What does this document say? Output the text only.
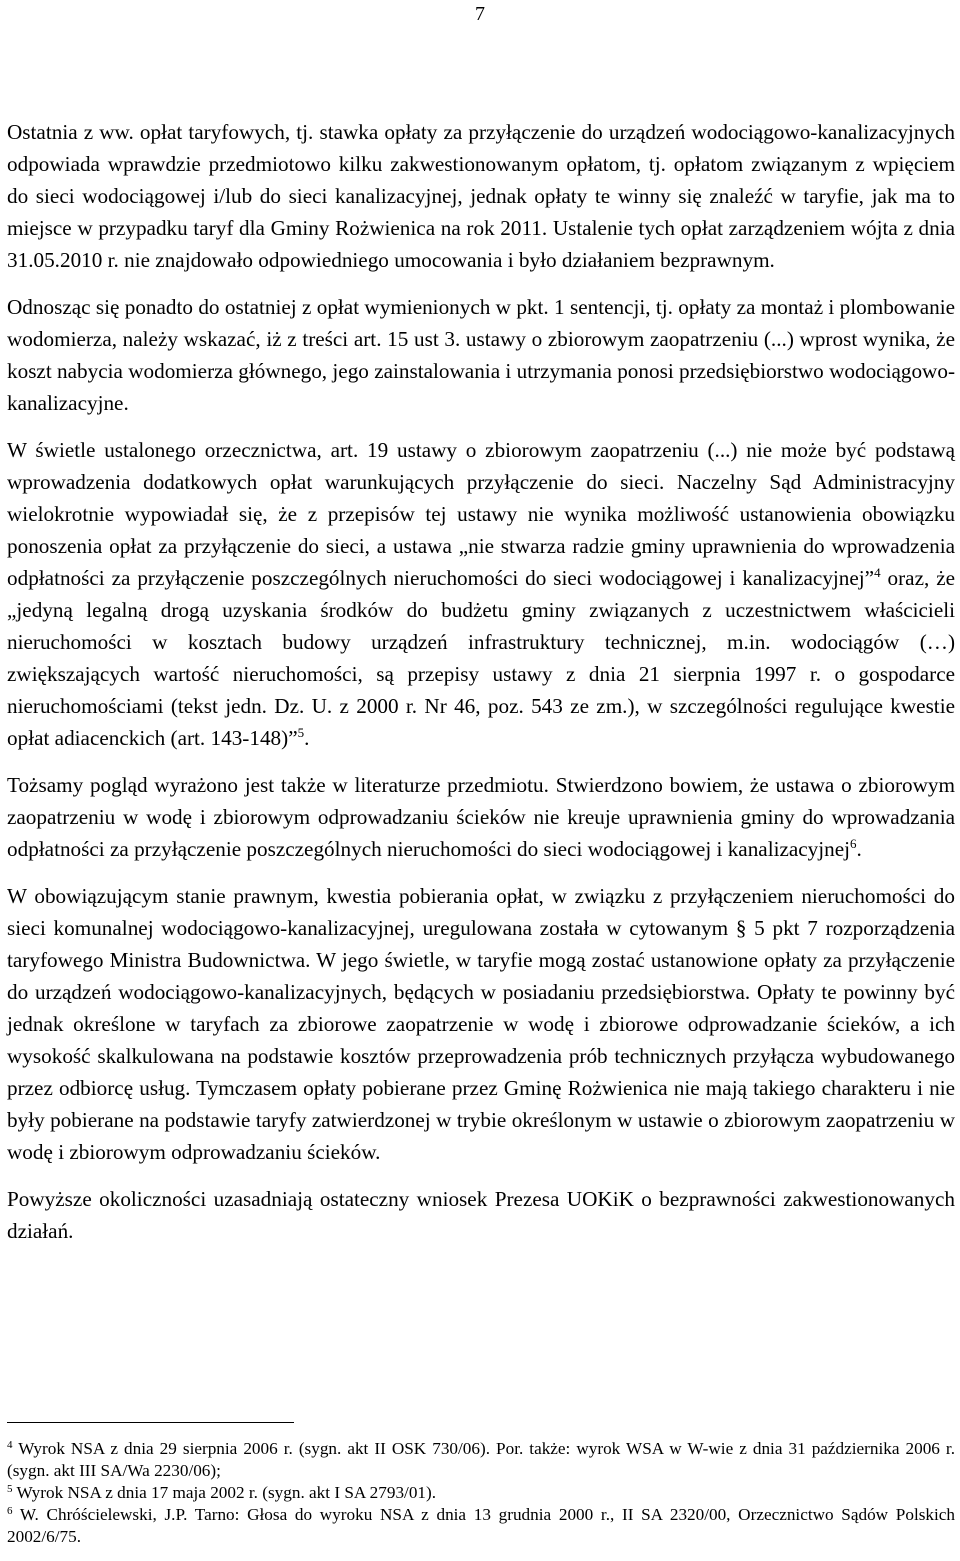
7

Ostatnia z ww. opłat taryfowych, tj. stawka opłaty za przyłączenie do urządzeń wodociągowo-kanalizacyjnych odpowiada wprawdzie przedmiotowo kilku zakwestionowanym opłatom, tj. opłatom związanym z wpięciem do sieci wodociągowej i/lub do sieci kanalizacyjnej, jednak opłaty te winny się znaleźć w taryfie, jak ma to miejsce w przypadku taryf dla Gminy Rożwienica na rok 2011. Ustalenie tych opłat zarządzeniem wójta z dnia 31.05.2010 r. nie znajdowało odpowiedniego umocowania i było działaniem bezprawnym.

Odnosząc się ponadto do ostatniej z opłat wymienionych w pkt. 1 sentencji, tj. opłaty za montaż i plombowanie wodomierza, należy wskazać, iż z treści art. 15 ust 3. ustawy o zbiorowym zaopatrzeniu (...) wprost wynika, że koszt nabycia wodomierza głównego, jego zainstalowania i utrzymania ponosi przedsiębiorstwo wodociągowo- kanalizacyjne.

W świetle ustalonego orzecznictwa, art. 19 ustawy o zbiorowym zaopatrzeniu (...) nie może być podstawą wprowadzenia dodatkowych opłat warunkujących przyłączenie do sieci. Naczelny Sąd Administracyjny wielokrotnie wypowiadał się, że z przepisów tej ustawy nie wynika możliwość ustanowienia obowiązku ponoszenia opłat za przyłączenie do sieci, a ustawa „nie stwarza radzie gminy uprawnienia do wprowadzenia odpłatności za przyłączenie poszczególnych nieruchomości do sieci wodociągowej i kanalizacyjnej”$^4$ oraz, że „jedyną legalną drogą uzyskania środków do budżetu gminy związanych z uczestnictwem właścicieli nieruchomości w kosztach budowy urządzeń infrastruktury technicznej, m.in. wodociągów (…) zwiększających wartość nieruchomości, są przepisy ustawy z dnia 21 sierpnia 1997 r. o gospodarce nieruchomościami (tekst jedn. Dz. U. z 2000 r. Nr 46, poz. 543 ze zm.), w szczególności regulujące kwestie opłat adiacenckich (art. 143-148)”$^5$.

Tożsamy pogląd wyrażono jest także w literaturze przedmiotu. Stwierdzono bowiem, że ustawa o zbiorowym zaopatrzeniu w wodę i zbiorowym odprowadzaniu ścieków nie kreuje uprawnienia gminy do wprowadzania odpłatności za przyłączenie poszczególnych nieruchomości do sieci wodociągowej i kanalizacyjnej$^6$.

W obowiązującym stanie prawnym, kwestia pobierania opłat, w związku z przyłączeniem nieruchomości do sieci komunalnej wodociągowo-kanalizacyjnej, uregulowana została w cytowanym § 5 pkt 7 rozporządzenia taryfowego Ministra Budownictwa. W jego świetle, w taryfie mogą zostać ustanowione opłaty za przyłączenie do urządzeń wodociągowo-kanalizacyjnych, będących w posiadaniu przedsiębiorstwa. Opłaty te powinny być jednak określone w taryfach za zbiorowe zaopatrzenie w wodę i zbiorowe odprowadzanie ścieków, a ich wysokość skalkulowana na podstawie kosztów przeprowadzenia prób technicznych przyłącza wybudowanego przez odbiorcę usług. Tymczasem opłaty pobierane przez Gminę Rożwienica nie mają takiego charakteru i nie były pobierane na podstawie taryfy zatwierdzonej w trybie określonym w ustawie o zbiorowym zaopatrzeniu w wodę i zbiorowym odprowadzaniu ścieków.

Powyższe okoliczności uzasadniają ostateczny wniosek Prezesa UOKiK o bezprawności zakwestionowanych działań.

$^4$ Wyrok NSA z dnia 29 sierpnia 2006 r. (sygn. akt II OSK 730/06). Por. także: wyrok WSA w W-wie z dnia 31 października 2006 r. (sygn. akt III SA/Wa 2230/06);

$^5$ Wyrok NSA z dnia 17 maja 2002 r. (sygn. akt I SA 2793/01).

$^6$ W. Chróścielewski, J.P. Tarno: Głosa do wyroku NSA z dnia 13 grudnia 2000 r., II SA 2320/00, Orzecznictwo Sądów Polskich 2002/6/75.
